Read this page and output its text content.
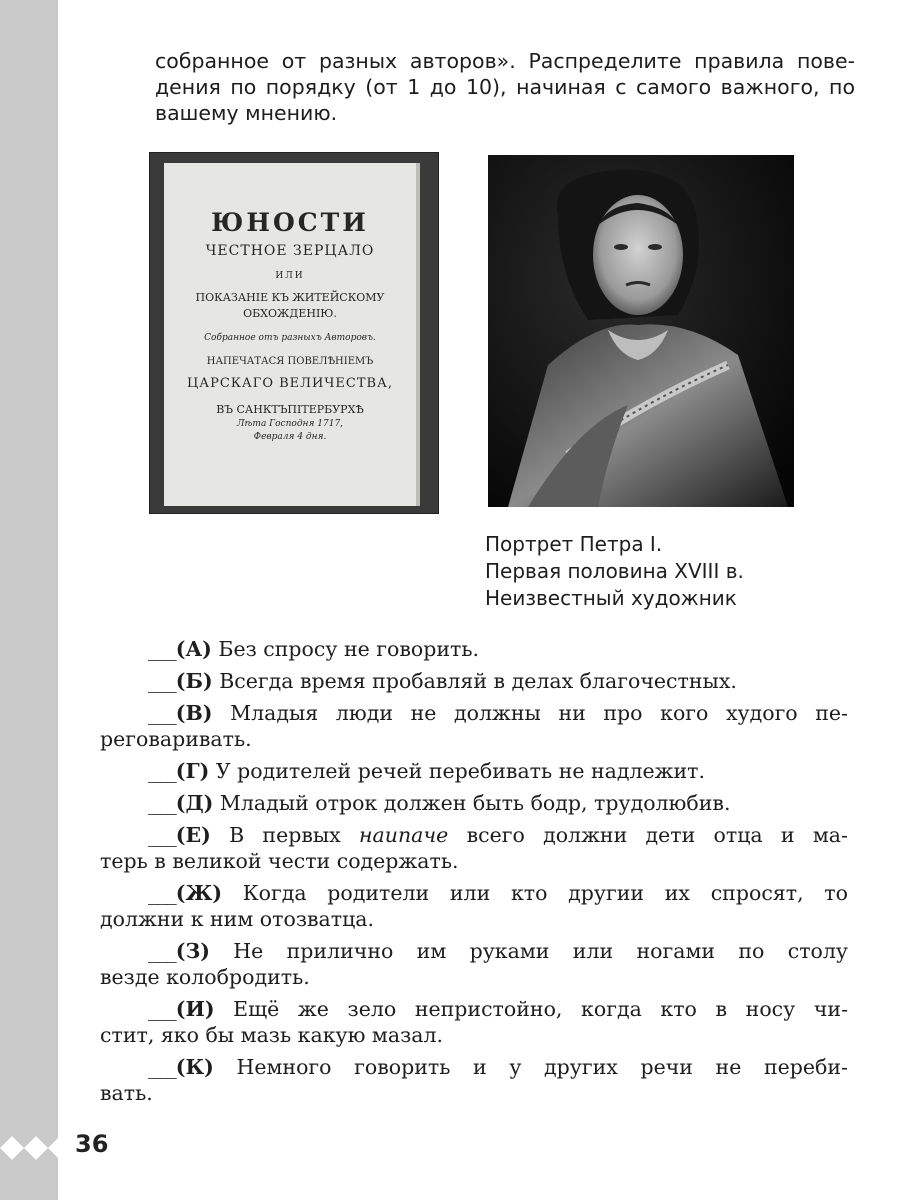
собранное от разных авторов». Распределите правила пове-
дения по порядку (от 1 до 10), начиная с самого важного, по
вашему мнению.
ЮНОСТИ
ЧЕСТНОЕ ЗЕРЦАЛО
ИЛИ
ПОКАЗАНІЕ КЪ ЖИТЕЙСКОМУ
ОБХОЖДЕНІЮ.
Собранное отъ разныхъ Авторовъ.
НАПЕЧАТАСЯ ПОВЕЛѢНІЕМЪ
ЦАРСКАГО ВЕЛИЧЕСТВА,
ВЪ САНКТЪПІТЕРБУРХѢ
Лѣта Господня 1717,
Февраля 4 дня.
Портрет Петра I.
Первая половина XVIII в.
Неизвестный художник
___(А) Без спросу не говорить.
___(Б) Всегда время пробавляй в делах благочестных.
___(В) Младыя люди не должны ни про кого худого пе-
реговаривать.
___(Г) У родителей речей перебивать не надлежит.
___(Д) Младый отрок должен быть бодр, трудолюбив.
___(Е) В первых наипаче всего должни дети отца и ма-
терь в великой чести содержать.
___(Ж) Когда родители или кто другии их спросят, то
должни к ним отозватца.
___(З) Не прилично им руками или ногами по столу
везде колобродить.
___(И) Ещё же зело непристойно, когда кто в носу чи-
стит, яко бы мазь какую мазал.
___(К) Немного говорить и у других речи не переби-
вать.
36
